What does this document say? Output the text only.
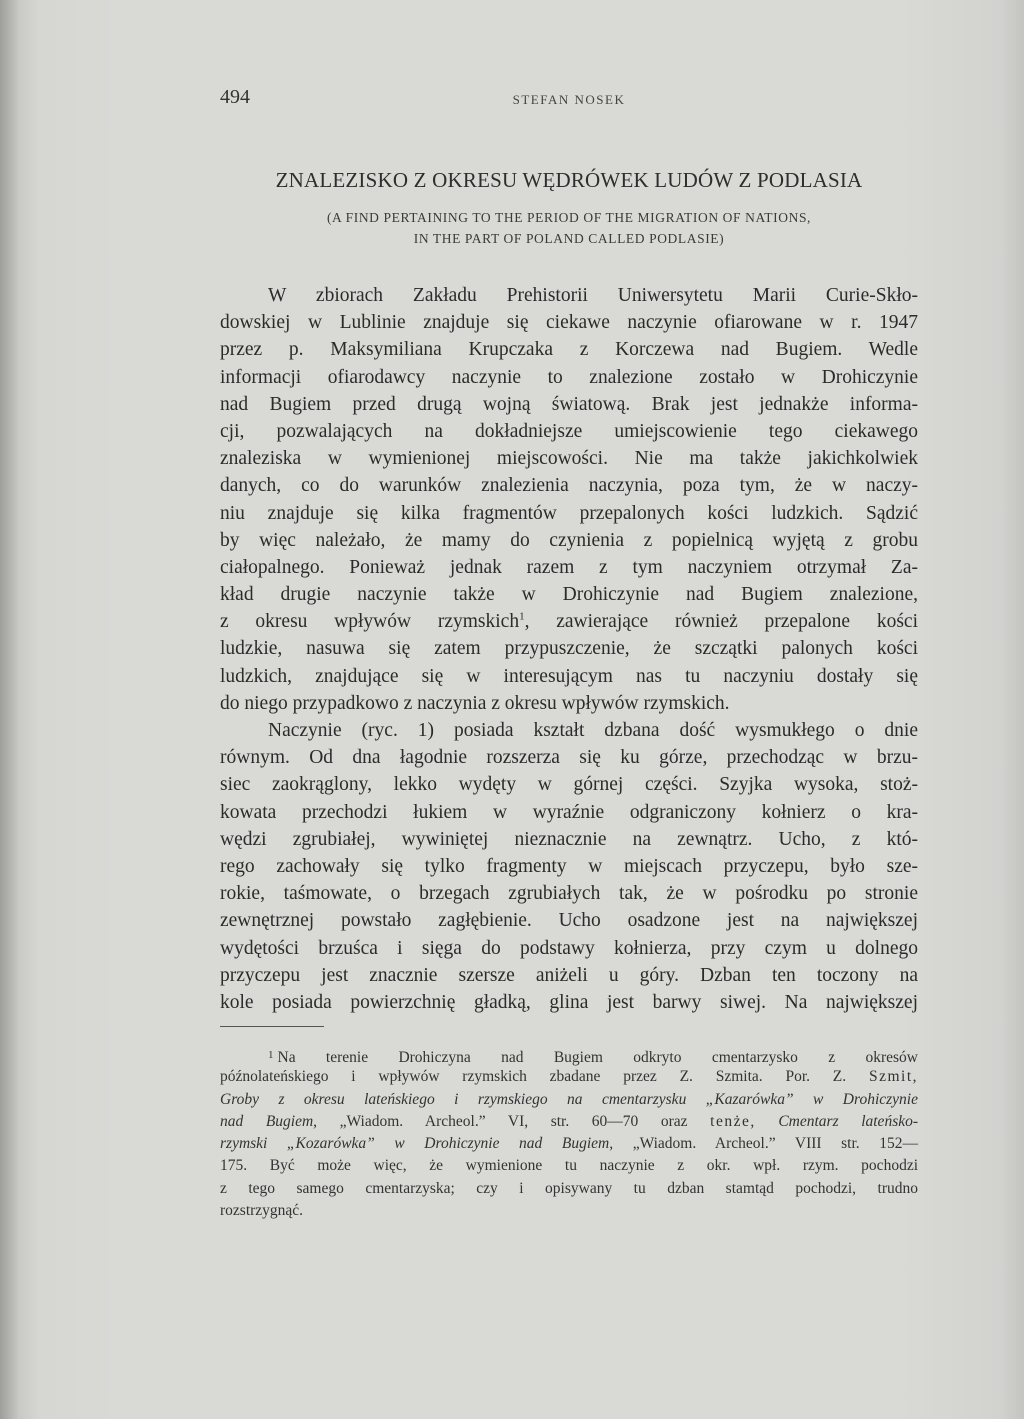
494	STEFAN NOSEK
ZNALEZISKO Z OKRESU WĘDRÓWEK LUDÓW Z PODLASIA
(A FIND PERTAINING TO THE PERIOD OF THE MIGRATION OF NATIONS,
IN THE PART OF POLAND CALLED PODLASIE)
W zbiorach Zakładu Prehistorii Uniwersytetu Marii Curie-Skło-
dowskiej w Lublinie znajduje się ciekawe naczynie ofiarowane w r. 1947
przez p. Maksymiliana Krupczaka z Korczewa nad Bugiem. Wedle
informacji ofiarodawcy naczynie to znalezione zostało w Drohiczynie
nad Bugiem przed drugą wojną światową. Brak jest jednakże informa-
cji, pozwalających na dokładniejsze umiejscowienie tego ciekawego
znaleziska w wymienionej miejscowości. Nie ma także jakichkolwiek
danych, co do warunków znalezienia naczynia, poza tym, że w naczy-
niu znajduje się kilka fragmentów przepalonych kości ludzkich. Sądzić
by więc należało, że mamy do czynienia z popielnicą wyjętą z grobu
ciałopalnego. Ponieważ jednak razem z tym naczyniem otrzymał Za-
kład drugie naczynie także w Drohiczynie nad Bugiem znalezione,
z okresu wpływów rzymskich$^1$, zawierające również przepalone kości
ludzkie, nasuwa się zatem przypuszczenie, że szczątki palonych kości
ludzkich, znajdujące się w interesującym nas tu naczyniu dostały się
do niego przypadkowo z naczynia z okresu wpływów rzymskich.
Naczynie (ryc. 1) posiada kształt dzbana dość wysmukłego o dnie
równym. Od dna łagodnie rozszerza się ku górze, przechodząc w brzu-
siec zaokrąglony, lekko wydęty w górnej części. Szyjka wysoka, stoż-
kowata przechodzi łukiem w wyraźnie odgraniczony kołnierz o kra-
wędzi zgrubiałej, wywiniętej nieznacznie na zewnątrz. Ucho, z któ-
rego zachowały się tylko fragmenty w miejscach przyczepu, było sze-
rokie, taśmowate, o brzegach zgrubiałych tak, że w pośrodku po stronie
zewnętrznej powstało zagłębienie. Ucho osadzone jest na największej
wydętości brzuśca i sięga do podstawy kołnierza, przy czym u dolnego
przyczepu jest znacznie szersze aniżeli u góry. Dzban ten toczony na
kole posiada powierzchnię gładką, glina jest barwy siwej. Na największej
$^1$ Na terenie Drohiczyna nad Bugiem odkryto cmentarzysko z okresów
późnolateńskiego i wpływów rzymskich zbadane przez Z. Szmita. Por. Z. Szmit,
Groby z okresu lateńskiego i rzymskiego na cmentarzysku „Kazarówka” w Drohiczynie
nad Bugiem, „Wiadom. Archeol.” VI, str. 60—70 oraz tenże, Cmentarz lateńsko-
rzymski „Kozarówka” w Drohiczynie nad Bugiem, „Wiadom. Archeol.” VIII str. 152—
175. Być może więc, że wymienione tu naczynie z okr. wpł. rzym. pochodzi
z tego samego cmentarzyska; czy i opisywany tu dzban stamtąd pochodzi, trudno
rozstrzygnąć.
